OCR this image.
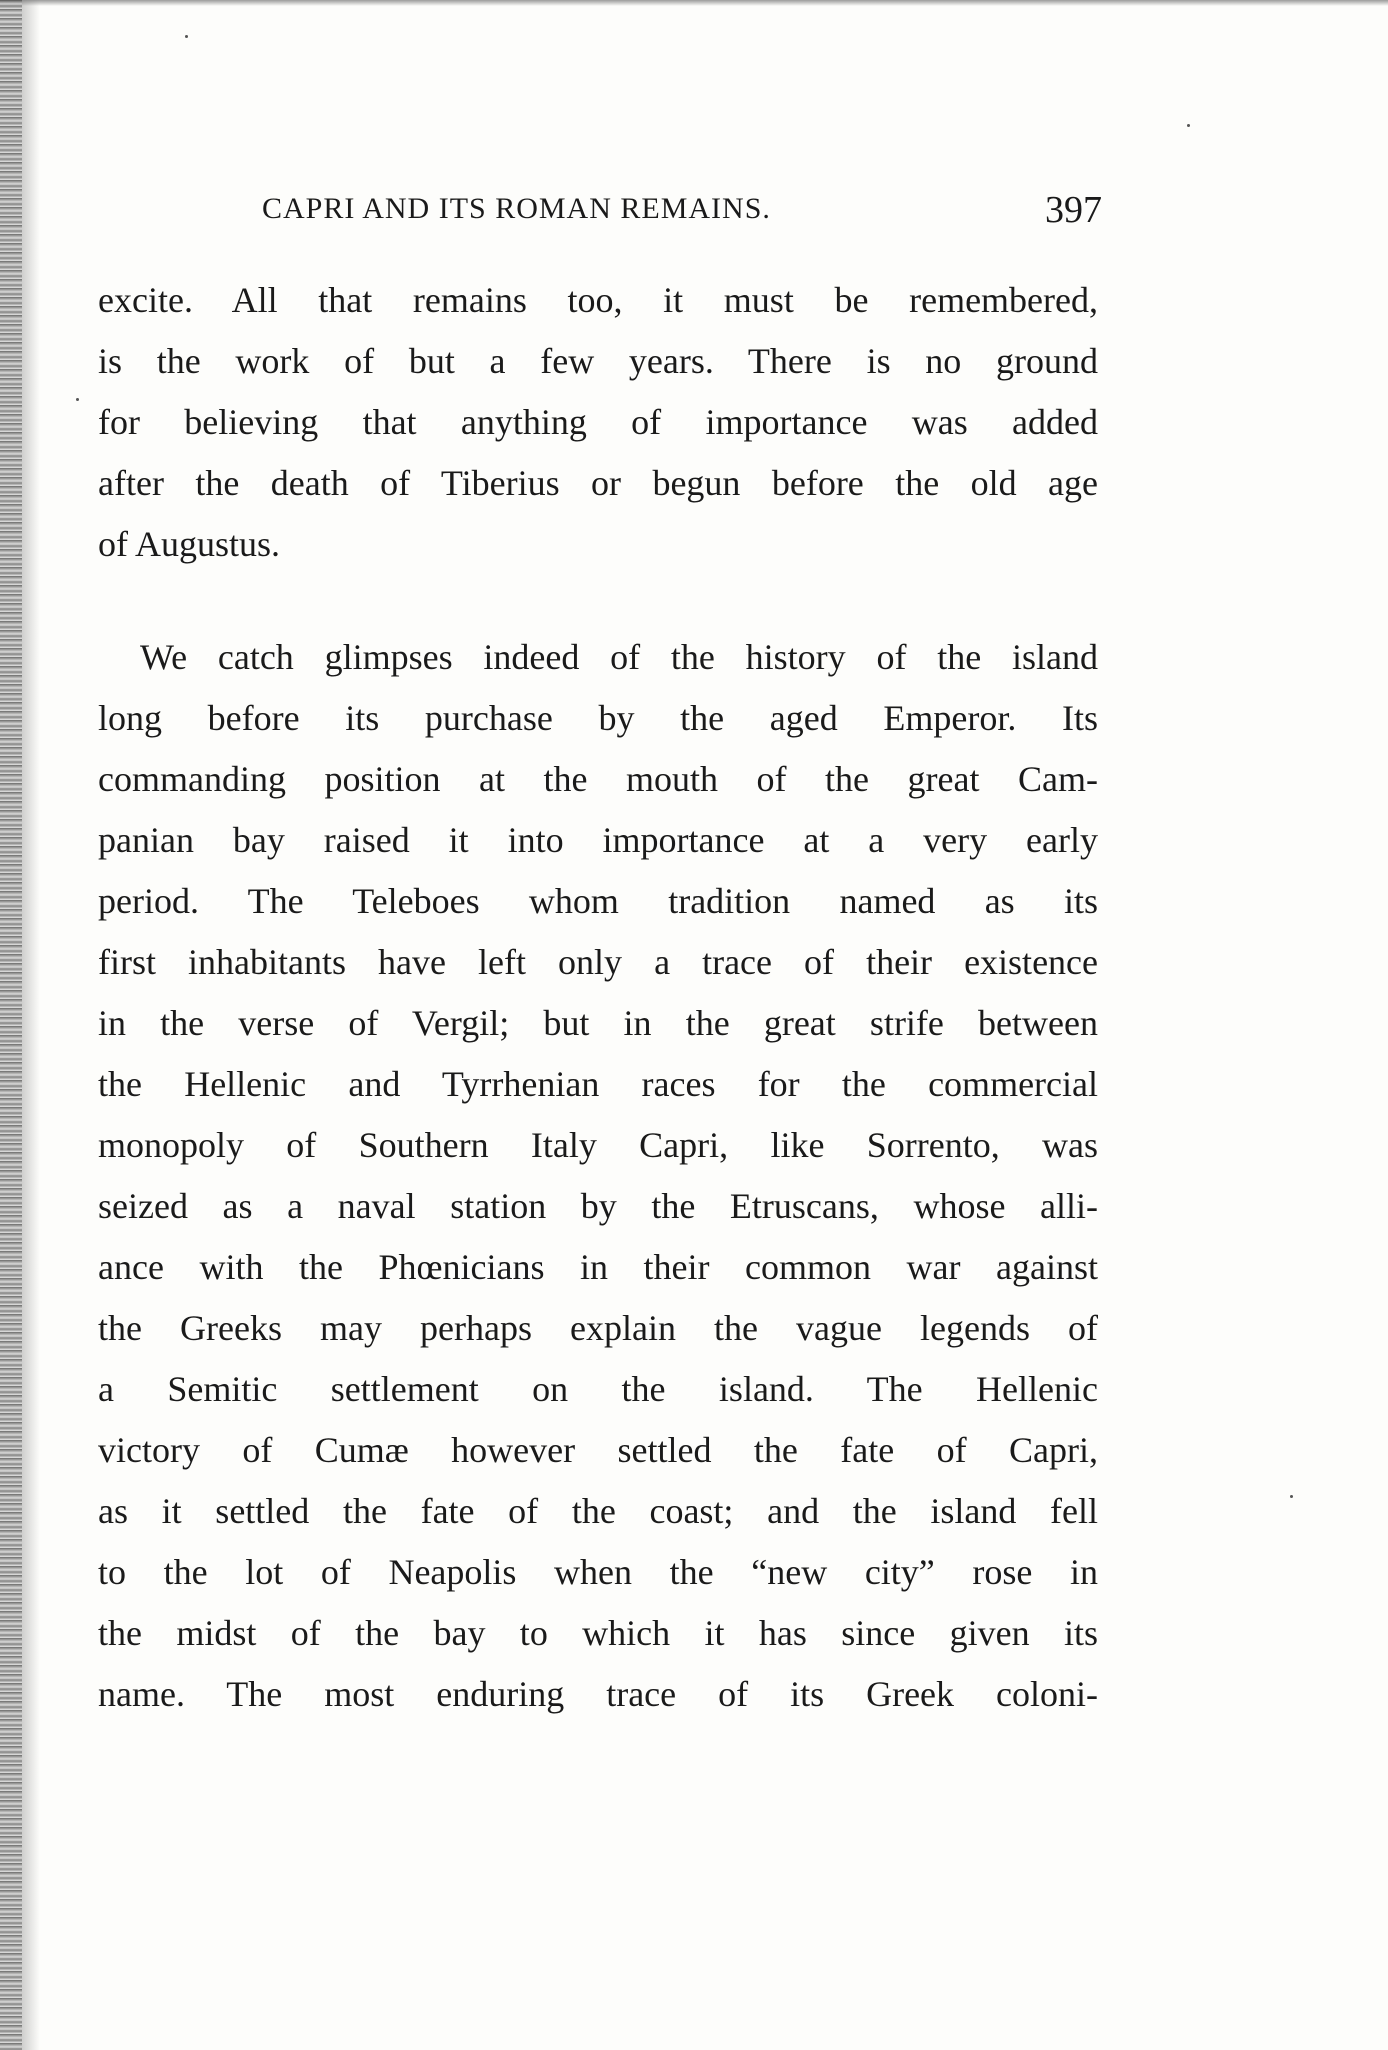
CAPRI AND ITS ROMAN REMAINS.	397
excite. All that remains too, it must be remembered,
is the work of but a few years. There is no ground
for believing that anything of importance was added
after the death of Tiberius or begun before the old age
of Augustus.
We catch glimpses indeed of the history of the island
long before its purchase by the aged Emperor. Its
commanding position at the mouth of the great Cam-
panian bay raised it into importance at a very early
period. The Teleboes whom tradition named as its
first inhabitants have left only a trace of their existence
in the verse of Vergil; but in the great strife between
the Hellenic and Tyrrhenian races for the commercial
monopoly of Southern Italy Capri, like Sorrento, was
seized as a naval station by the Etruscans, whose alli-
ance with the Phœnicians in their common war against
the Greeks may perhaps explain the vague legends of
a Semitic settlement on the island. The Hellenic
victory of Cumæ however settled the fate of Capri,
as it settled the fate of the coast; and the island fell
to the lot of Neapolis when the “new city” rose in
the midst of the bay to which it has since given its
name. The most enduring trace of its Greek coloni-
